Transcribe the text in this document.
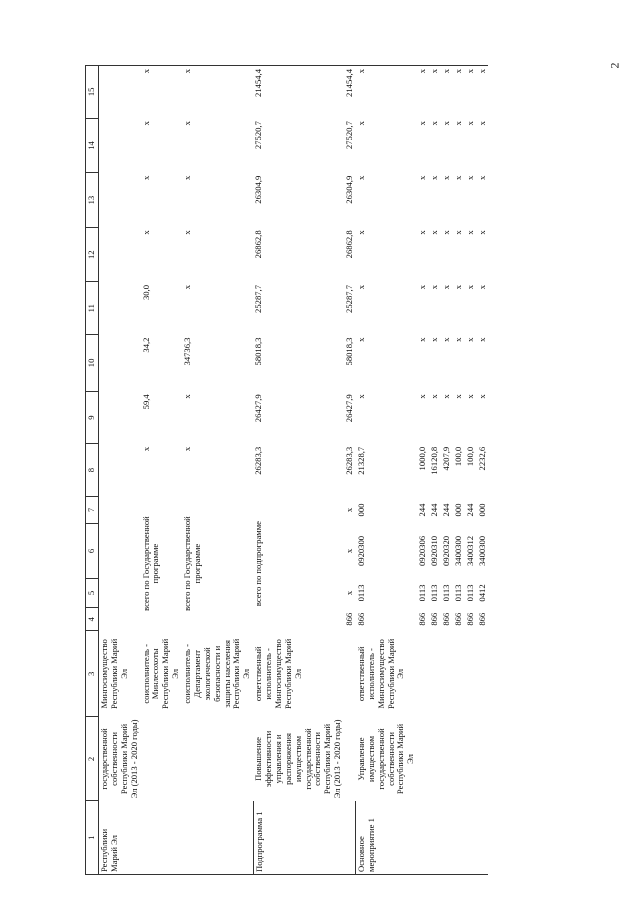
2
1	2	3	4	5	6	7	8	9	10	11	12	13	14	15
Республики Марий Эл	государственной собственности Республики Марий Эл (2013 - 2020 годы)	Мингосимущество Республики Марий Эл												
		соисполнитель - Минлесохоты Республики Марий Эл	всего по Государственной программе				x	59,4	34,2	30,0	x	x	x	x
		соисполнитель - Департамент экологической безопасности и защиты населения Республики Марий Эл	всего по Государственной программе				x	x	34736,3	x	x	x	x	x
Подпрограмма 1	Повышение эффективности управления и распоряжения имуществом государственной собственности Республики Марий Эл (2013 - 2020 годы)	ответственный исполнитель - Мингосимущество Республики Марий Эл	всего по подпрограмме				26283,3	26427,9	58018,3	25287,7	26862,8	26304,9	27520,7	21454,4
			866	x	x	x	26283,3	26427,9	58018,3	25287,7	26862,8	26304,9	27520,7	21454,4
Основное мероприятие 1	Управление имуществом государственной собственности Республики Марий Эл	ответственный исполнитель - Мингосимущество Республики Марий Эл	866	0113	0920300	000	21328,7	x	x	x	x	x	x	x
			866	0113	0920306	244	1000,0	x	x	x	x	x	x	x
			866	0113	0920310	244	16120,8	x	x	x	x	x	x	x
			866	0113	0920320	244	4207,9	x	x	x	x	x	x	x
			866	0113	3400300	000	100,0	x	x	x	x	x	x	x
			866	0113	3400312	244	100,0	x	x	x	x	x	x	x
			866	0412	3400300	000	2232,6	x	x	x	x	x	x	x
